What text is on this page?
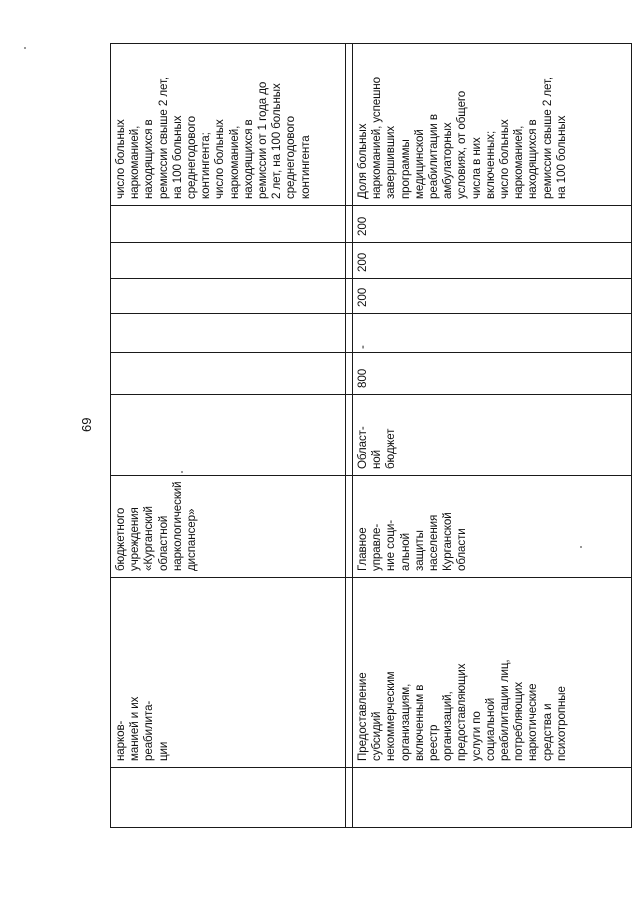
69
нарков-
манией и их
реабилита-
ции
бюджетного
учреждения
«Курганский
областной
наркологический
диспансер»
число больных
наркоманией,
находящихся в
ремиссии свыше 2 лет,
на 100 больных
среднегодового
контингента;
число больных
наркоманией,
находящихся в
ремиссии от 1 года до
2 лет, на 100 больных
среднегодового
контингента
Предоставление
субсидий
некоммерческим
организациям,
включенным в
реестр
организаций,
предоставляющих
услуги по
социальной
реабилитации лиц,
потребляющих
наркотические
средства и
психотропные
Главное
управле-
ние соци-
альной
защиты
населения
Курганской
области
Област-
ной
бюджет
800
-
200
200
Доля больных
наркоманией, успешно
завершивших
программы
медицинской
реабилитации в
амбулаторных
условиях, от общего
числа в них
включенных;
число больных
наркоманией,
находящихся в
ремиссии свыше 2 лет,
на 100 больных
200
